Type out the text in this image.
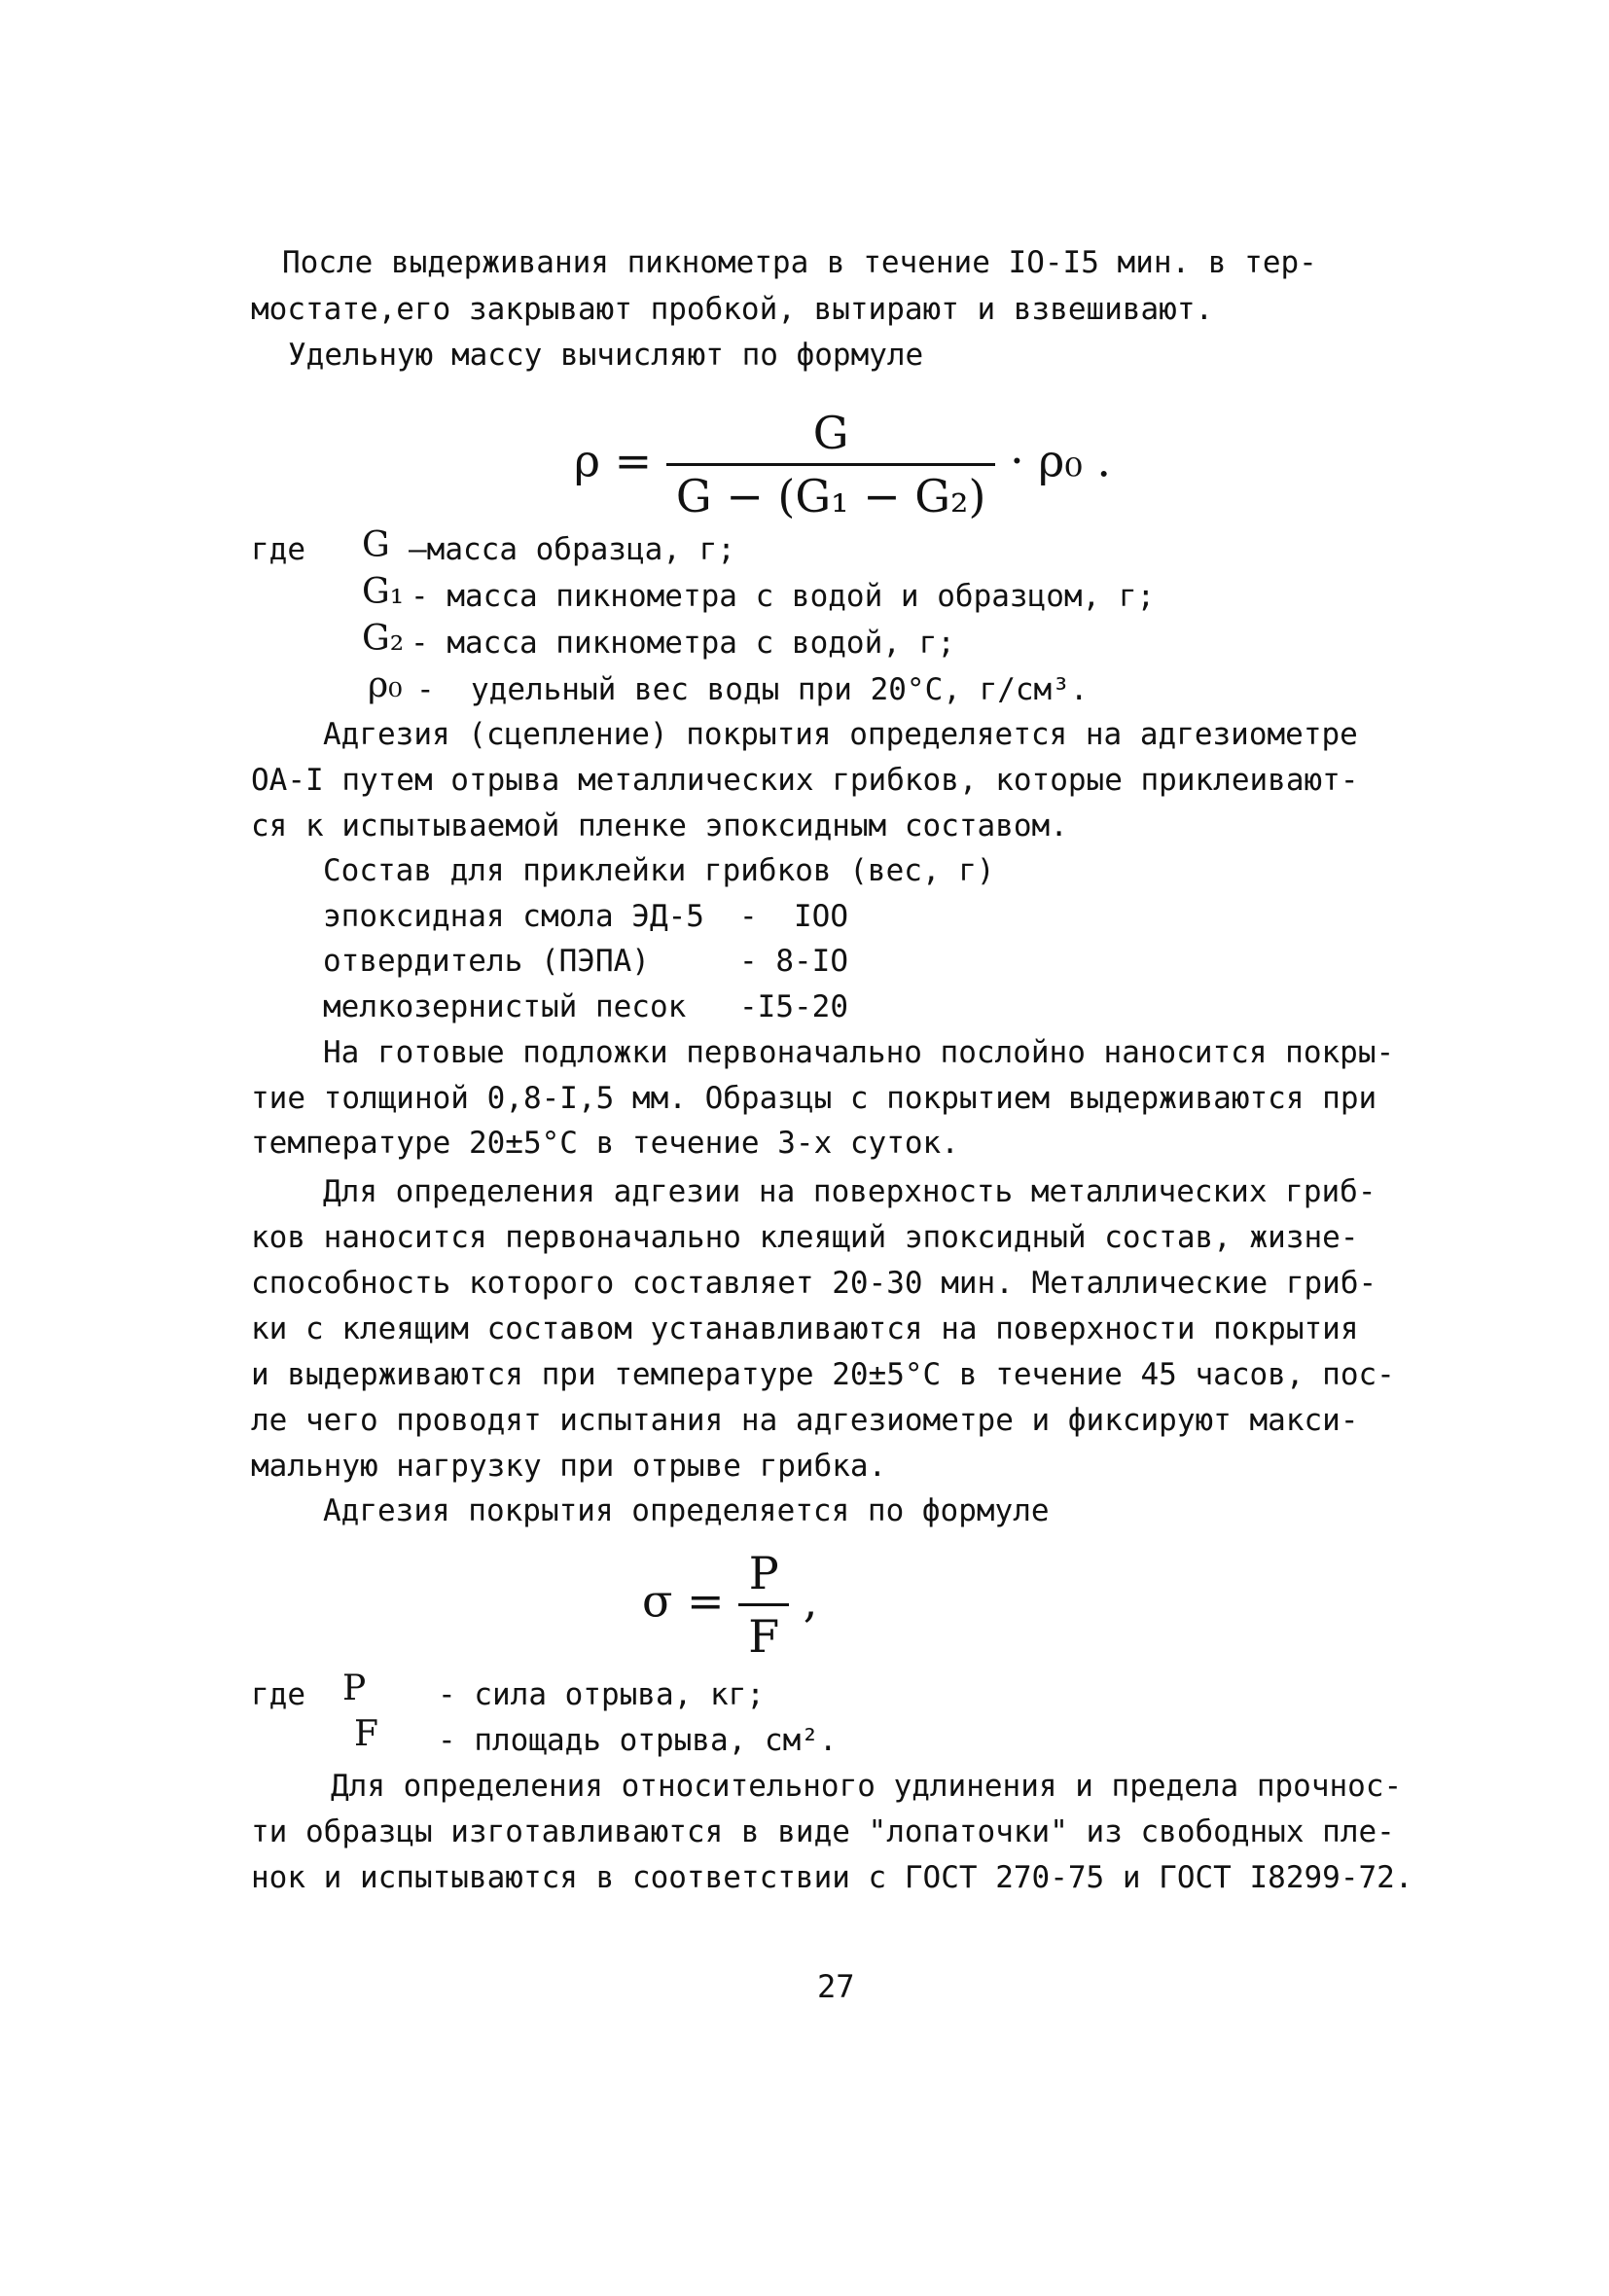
После выдерживания пикнометра в течение IO-I5 мин. в тер-
мостате,его закрывают пробкой, вытирают и взвешивают.
Удельную массу вычисляют по формуле
$\rho = \frac{G}{\text{G − (G₁ − G₂)}} \cdot \rho_0$ .
где G –масса образца, г;
G₁ - масса пикнометра с водой и образцом, г;
G₂ - масса пикнометра с водой, г;
ρ₀ -  удельный вес воды при 20°С, г/см³.
Адгезия (сцепление) покрытия определяется на адгезиометре
ОА-I путем отрыва металлических грибков, которые приклеивают-
ся к испытываемой пленке эпоксидным составом.
Состав для приклейки грибков (вес, г)
эпоксидная смола ЭД-5 -  IOO
отвердитель (ПЭПА)	- 8-IO
мелкозернистый песок -I5-20
На готовые подложки первоначально послойно наносится покры-
тие толщиной 0,8-I,5 мм. Образцы с покрытием выдерживаются при
температуре 20±5°С в течение 3-х суток.
Для определения адгезии на поверхность металлических гриб-
ков наносится первоначально клеящий эпоксидный состав, жизне-
способность которого составляет 20-30 мин. Металлические гриб-
ки с клеящим составом устанавливаются на поверхности покрытия
и выдерживаются при температуре 20±5°С в течение 45 часов, пос-
ле чего проводят испытания на адгезиометре и фиксируют макси-
мальную нагрузку при отрыве грибка.
Адгезия покрытия определяется по формуле
$\sigma = \frac{P}{F}$ ,
где P - сила отрыва, кг;
F - площадь отрыва, см².
Для определения относительного удлинения и предела прочнос-
ти образцы изготавливаются в виде "лопаточки" из свободных пле-
нок и испытываются в соответствии с ГОСТ 270-75 и ГОСТ I8299-72.
27
